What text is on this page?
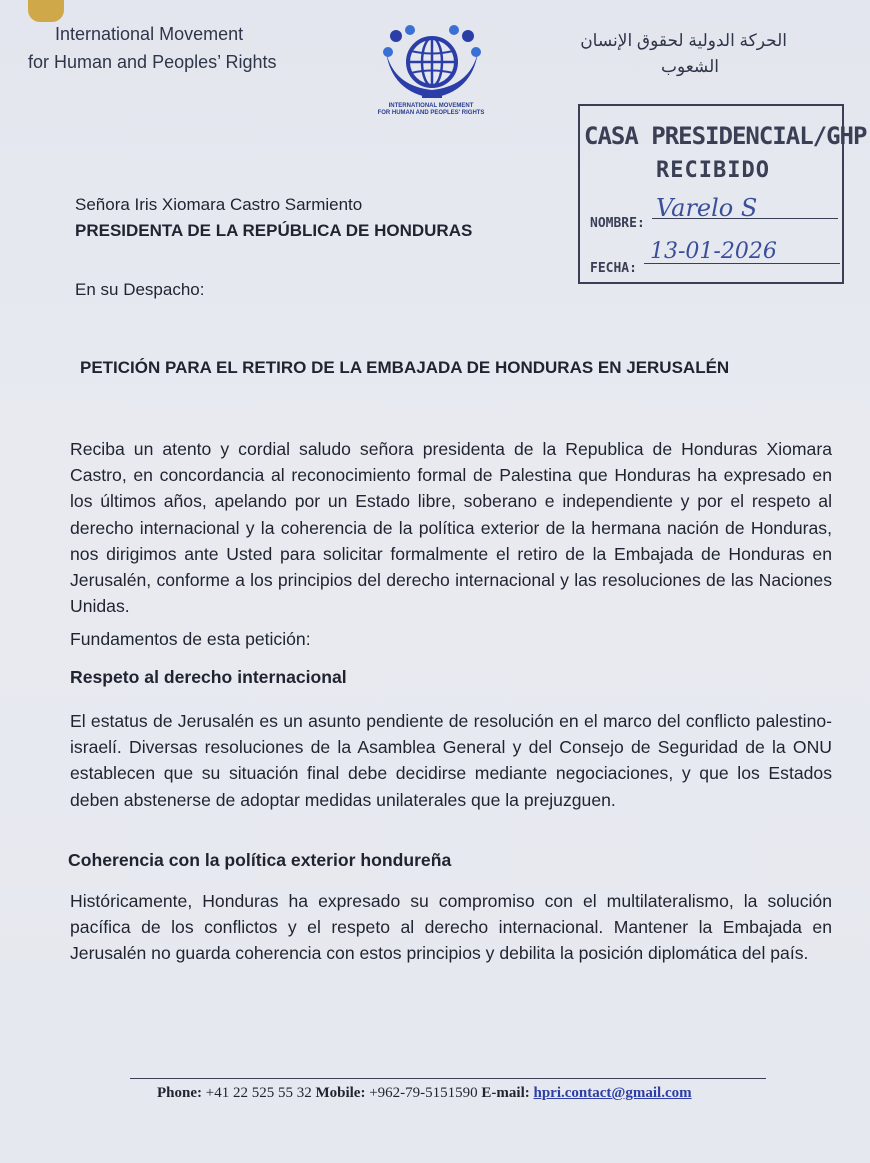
International Movement
for Human and Peoples’ Rights
INTERNATIONAL MOVEMENT
FOR HUMAN AND PEOPLES' RIGHTS
الحركة الدولية لحقوق الإنسان
الشعوب
CASA PRESIDENCIAL/GHP
RECIBIDO
NOMBRE:
Varelo S
FECHA:
13-01-2026
Señora Iris Xiomara Castro Sarmiento
PRESIDENTA DE LA REPÚBLICA DE HONDURAS
En su Despacho:
PETICIÓN PARA EL RETIRO DE LA EMBAJADA DE HONDURAS EN JERUSALÉN
Reciba un atento y cordial saludo señora presidenta de la Republica de Honduras Xiomara Castro, en concordancia al reconocimiento formal de Palestina que Honduras ha expresado en los últimos años, apelando por un Estado libre, soberano e independiente y por el respeto al derecho internacional y la coherencia de la política exterior de la hermana nación de Honduras, nos dirigimos ante Usted para solicitar formalmente el retiro de la Embajada de Honduras en Jerusalén, conforme a los principios del derecho internacional y las resoluciones de las Naciones Unidas.
Fundamentos de esta petición:
Respeto al derecho internacional
El estatus de Jerusalén es un asunto pendiente de resolución en el marco del conflicto palestino-israelí. Diversas resoluciones de la Asamblea General y del Consejo de Seguridad de la ONU establecen que su situación final debe decidirse mediante negociaciones, y que los Estados deben abstenerse de adoptar medidas unilaterales que la prejuzguen.
Coherencia con la política exterior hondureña
Históricamente, Honduras ha expresado su compromiso con el multilateralismo, la solución pacífica de los conflictos y el respeto al derecho internacional. Mantener la Embajada en Jerusalén no guarda coherencia con estos principios y debilita la posición diplomática del país.
Phone: +41 22 525 55 32 Mobile: +962-79-5151590 E-mail: hpri.contact@gmail.com
